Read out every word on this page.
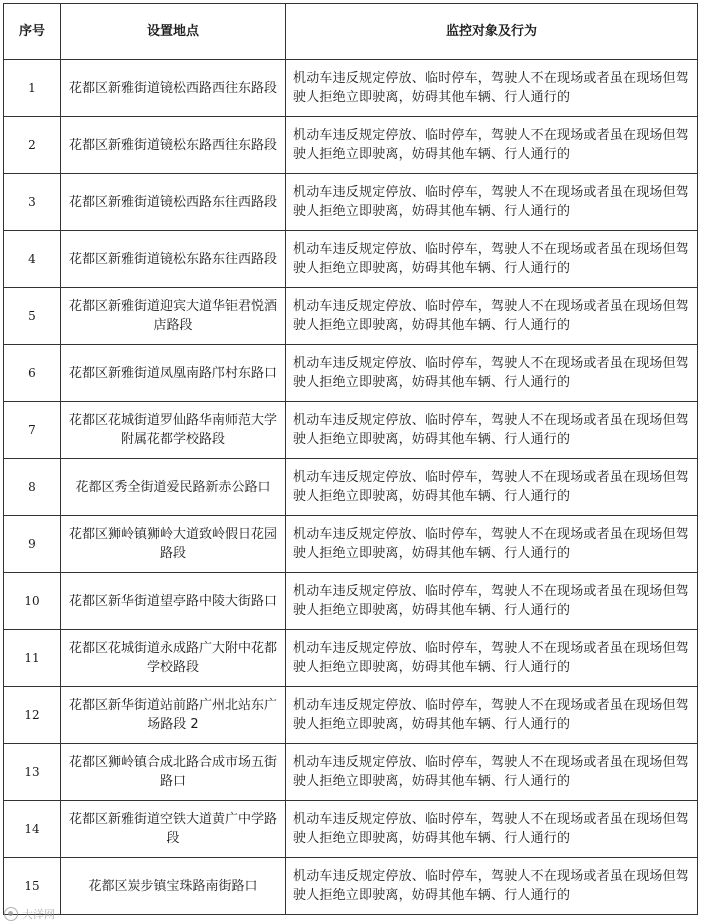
序号	设置地点	监控对象及行为
1	花都区新雅街道镜松西路西往东路段	机动车违反规定停放、临时停车，驾驶人不在现场或者虽在现场但驾驶人拒绝立即驶离，妨碍其他车辆、行人通行的
2	花都区新雅街道镜松东路西往东路段	机动车违反规定停放、临时停车，驾驶人不在现场或者虽在现场但驾驶人拒绝立即驶离，妨碍其他车辆、行人通行的
3	花都区新雅街道镜松西路东往西路段	机动车违反规定停放、临时停车，驾驶人不在现场或者虽在现场但驾驶人拒绝立即驶离，妨碍其他车辆、行人通行的
4	花都区新雅街道镜松东路东往西路段	机动车违反规定停放、临时停车，驾驶人不在现场或者虽在现场但驾驶人拒绝立即驶离，妨碍其他车辆、行人通行的
5	花都区新雅街道迎宾大道华钜君悦酒店路段	机动车违反规定停放、临时停车，驾驶人不在现场或者虽在现场但驾驶人拒绝立即驶离，妨碍其他车辆、行人通行的
6	花都区新雅街道凤凰南路邝村东路口	机动车违反规定停放、临时停车，驾驶人不在现场或者虽在现场但驾驶人拒绝立即驶离，妨碍其他车辆、行人通行的
7	花都区花城街道罗仙路华南师范大学附属花都学校路段	机动车违反规定停放、临时停车，驾驶人不在现场或者虽在现场但驾驶人拒绝立即驶离，妨碍其他车辆、行人通行的
8	花都区秀全街道爱民路新赤公路口	机动车违反规定停放、临时停车，驾驶人不在现场或者虽在现场但驾驶人拒绝立即驶离，妨碍其他车辆、行人通行的
9	花都区狮岭镇狮岭大道致岭假日花园路段	机动车违反规定停放、临时停车，驾驶人不在现场或者虽在现场但驾驶人拒绝立即驶离，妨碍其他车辆、行人通行的
10	花都区新华街道望亭路中陵大街路口	机动车违反规定停放、临时停车，驾驶人不在现场或者虽在现场但驾驶人拒绝立即驶离，妨碍其他车辆、行人通行的
11	花都区花城街道永成路广大附中花都学校路段	机动车违反规定停放、临时停车，驾驶人不在现场或者虽在现场但驾驶人拒绝立即驶离，妨碍其他车辆、行人通行的
12	花都区新华街道站前路广州北站东广场路段 2	机动车违反规定停放、临时停车，驾驶人不在现场或者虽在现场但驾驶人拒绝立即驶离，妨碍其他车辆、行人通行的
13	花都区狮岭镇合成北路合成市场五街路口	机动车违反规定停放、临时停车，驾驶人不在现场或者虽在现场但驾驶人拒绝立即驶离，妨碍其他车辆、行人通行的
14	花都区新雅街道空铁大道黄广中学路段	机动车违反规定停放、临时停车，驾驶人不在现场或者虽在现场但驾驶人拒绝立即驶离，妨碍其他车辆、行人通行的
15	花都区炭步镇宝珠路南街路口	机动车违反规定停放、临时停车，驾驶人不在现场或者虽在现场但驾驶人拒绝立即驶离，妨碍其他车辆、行人通行的
大洋网
